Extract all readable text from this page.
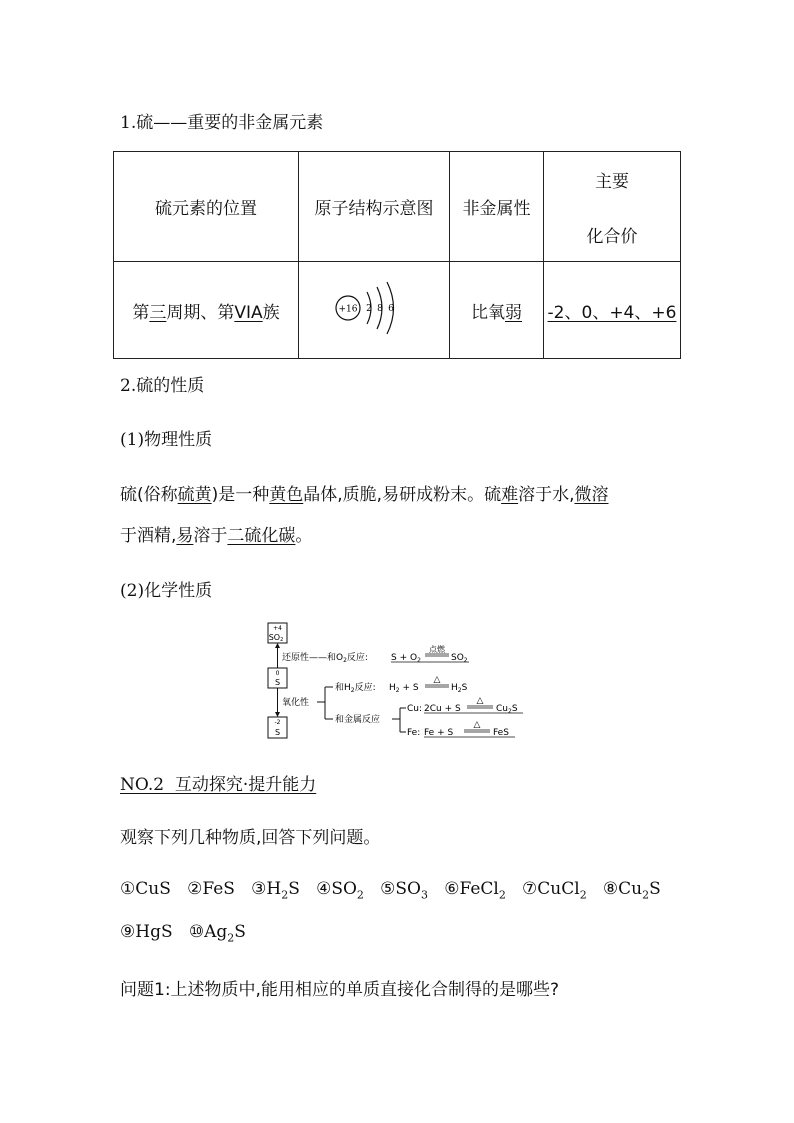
1.硫——重要的非金属元素
硫元素的位置	原子结构示意图	非金属性	主要
化合价

第三周期、第VIA族	+16 2 8 6	比氧弱	-2、0、+4、+6
2.硫的性质
(1)物理性质
硫(俗称硫黄)是一种黄色晶体,质脆,易研成粉末。硫难溶于水,微溶
于酒精,易溶于二硫化碳。
(2)化学性质
+4
SO2
0
S
-2
S
还原性——和$O_2$反应:	$S + O_2$
点燃
$SO_2$
氧化性
和$H_2$反应: $H_2 + S$
△
$H_2S$
和金属反应
Cu: 2Cu + S
△
$Cu_2S$
Fe: Fe + S
△
FeS
NO.2  互动探究·提升能力
观察下列几种物质,回答下列问题。
①CuS ②FeS $③H_2S$ $④SO_2$ $⑤SO_3$ ⑥FeCl$_2$ ⑦CuCl$_2$ $⑧Cu_2S$
⑨HgS $⑩Ag_2S$
问题1:上述物质中,能用相应的单质直接化合制得的是哪些?
